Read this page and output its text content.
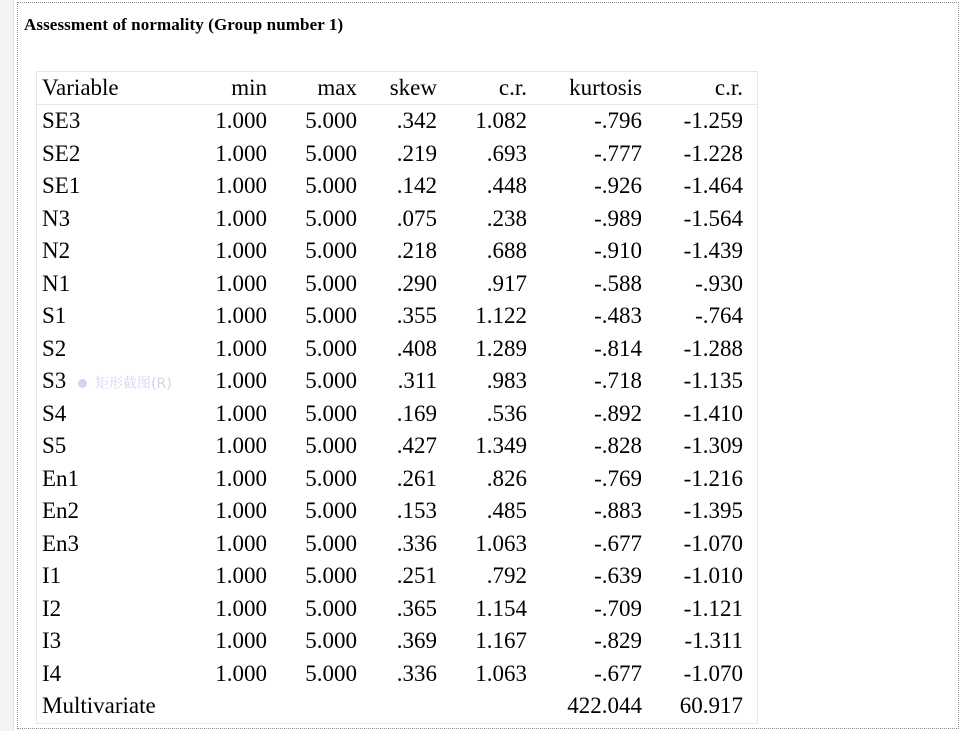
Assessment of normality (Group number 1)
Variable	min	max	skew	c.r.	kurtosis	c.r.
SE3	1.000	5.000	.342	1.082	-.796	-1.259
SE2	1.000	5.000	.219	.693	-.777	-1.228
SE1	1.000	5.000	.142	.448	-.926	-1.464
N3	1.000	5.000	.075	.238	-.989	-1.564
N2	1.000	5.000	.218	.688	-.910	-1.439
N1	1.000	5.000	.290	.917	-.588	-.930
S1	1.000	5.000	.355	1.122	-.483	-.764
S2	1.000	5.000	.408	1.289	-.814	-1.288
S3	1.000	5.000	.311	.983	-.718	-1.135
S4	1.000	5.000	.169	.536	-.892	-1.410
S5	1.000	5.000	.427	1.349	-.828	-1.309
En1	1.000	5.000	.261	.826	-.769	-1.216
En2	1.000	5.000	.153	.485	-.883	-1.395
En3	1.000	5.000	.336	1.063	-.677	-1.070
I1	1.000	5.000	.251	.792	-.639	-1.010
I2	1.000	5.000	.365	1.154	-.709	-1.121
I3	1.000	5.000	.369	1.167	-.829	-1.311
I4	1.000	5.000	.336	1.063	-.677	-1.070
Multivariate					422.044	60.917
矩形截图(R)
